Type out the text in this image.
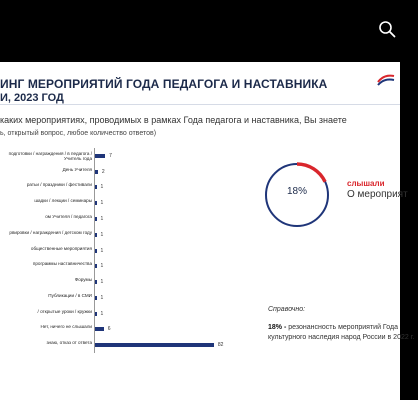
ИНГ МЕРОПРИЯТИЙ ГОДА ПЕДАГОГА И НАСТАВНИКА
И, 2023 ГОД
каких мероприятиях, проводимых в рамках Года педагога и наставника, Вы знаете
ь, открытый вопрос, любое количество ответов)
подготовки / награждения / в педагога / Учитель года	7
День Учителя 2
ратьи / праздники / фестивали 1
шадки / лекции / семинары 1
ом Учителя / педагога 1
рвировки / награждения / детском году 1
общественные мероприятия 1
программы наставничества 1
Форумы 1
Публикации / в СМИ 1
/ открытые уроки / кружки 1
Нет, ничего не слышали	6
знаю, отказ от ответа	82
18%
слышали
О мероприят
Справочно:
18% - резонансность мероприятий Года культурного наследия народ России в 2022 г.
